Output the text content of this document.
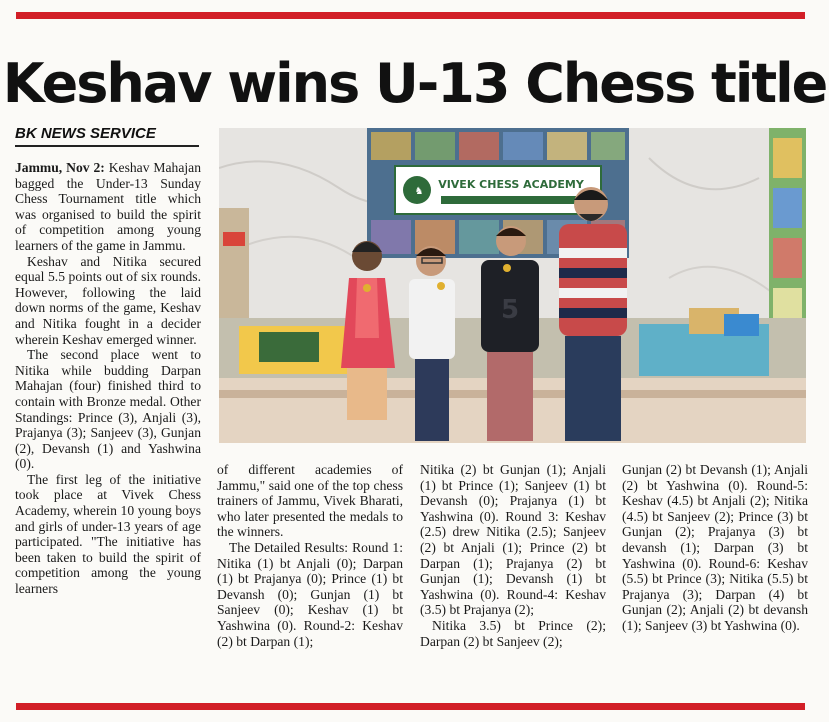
Keshav wins U-13 Chess title
BK NEWS SERVICE

Jammu, Nov 2: Keshav Mahajan bagged the Under-13 Sunday Chess Tournament title which was organised to build the spirit of competition among young learners of the game in Jammu.

Keshav and Nitika secured equal 5.5 points out of six rounds. However, following the laid down norms of the game, Keshav and Nitika fought in a decider wherein Keshav emerged winner.

The second place went to Nitika while budding Darpan Mahajan (four) finished third to contain with Bronze medal. Other Standings: Prince (3), Anjali (3), Prajanya (3); Sanjeev (3), Gunjan (2), Devansh (1) and Yashwina (0).

The first leg of the initiative took place at Vivek Chess Academy, wherein 10 young boys and girls of under-13 years of age participated. "The initiative has been taken to build the spirit of competition among the young learners

of different academies of Jammu," said one of the top chess trainers of Jammu, Vivek Bharati, who later presented the medals to the winners.

The Detailed Results: Round 1: Nitika (1) bt Anjali (0); Darpan (1) bt Prajanya (0); Prince (1) bt Devansh (0); Gunjan (1) bt Sanjeev (0); Keshav (1) bt Yashwina (0). Round-2: Keshav (2) bt Darpan (1);

Nitika (2) bt Gunjan (1); Anjali (1) bt Prince (1); Sanjeev (1) bt Devansh (0); Prajanya (1) bt Yashwina (0). Round 3: Keshav (2.5) drew Nitika (2.5); Sanjeev (2) bt Anjali (1); Prince (2) bt Darpan (1); Prajanya (2) bt Gunjan (1); Devansh (1) bt Yashwina (0). Round-4: Keshav (3.5) bt Prajanya (2);

Nitika 3.5) bt Prince (2); Darpan (2) bt Sanjeev (2);

Gunjan (2) bt Devansh (1); Anjali (2) bt Yashwina (0). Round-5: Keshav (4.5) bt Anjali (2); Nitika (4.5) bt Sanjeev (2); Prince (3) bt Gunjan (2); Prajanya (3) bt devansh (1); Darpan (3) bt Yashwina (0). Round-6: Keshav (5.5) bt Prince (3); Nitika (5.5) bt Prajanya (3); Darpan (4) bt Gunjan (2); Anjali (2) bt devansh (1); Sanjeev (3) bt Yashwina (0).

♞
VIVEK CHESS ACADEMY
5
